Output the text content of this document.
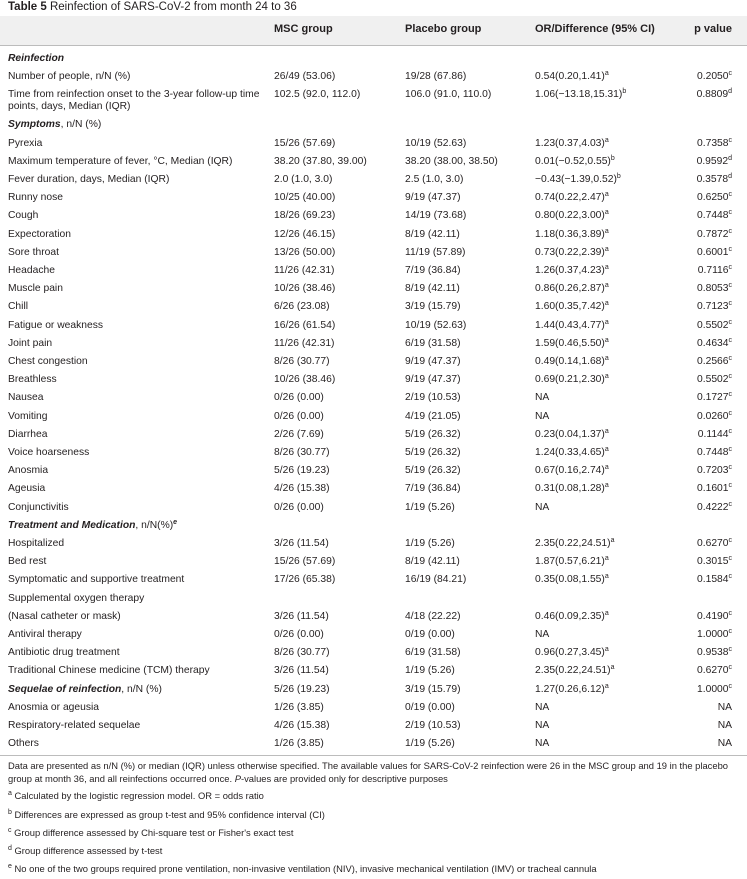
Table 5 Reinfection of SARS-CoV-2 from month 24 to 36
MSC group	Placebo group	OR/Difference (95% CI)	p value
Reinfection
Number of people, n/N (%)	26/49 (53.06)	19/28 (67.86)	$0.54(0.20,1.41)^a$	0.2050$^c$
Time from reinfection onset to the 3-year follow-up time points, days, Median (IQR)
102.5 (92.0, 112.0)	106.0 (91.0, 110.0)	$1.06(-13.18,15.31)^b$	0.8809$^d$
Symptoms, n/N (%)
Pyrexia	15/26 (57.69)	10/19 (52.63)	$1.23(0.37,4.03)^a$	0.7358$^c$
Maximum temperature of fever, °C, Median (IQR)	38.20 (37.80, 39.00)	38.20 (38.00, 38.50)	$0.01(-0.52,0.55)^b$	0.9592$^d$
Fever duration, days, Median (IQR)	2.0 (1.0, 3.0)	2.5 (1.0, 3.0)	$-0.43(-1.39,0.52)^b$	0.3578$^d$
Runny nose	10/25 (40.00)	9/19 (47.37)	$0.74(0.22,2.47)^a$	0.6250$^c$
Cough	18/26 (69.23)	14/19 (73.68)	$0.80(0.22,3.00)^a$	0.7448$^c$
Expectoration	12/26 (46.15)	8/19 (42.11)	$1.18(0.36,3.89)^a$	0.7872$^c$
Sore throat	13/26 (50.00)	11/19 (57.89)	$0.73(0.22,2.39)^a$	0.6001$^c$
Headache	11/26 (42.31)	7/19 (36.84)	$1.26(0.37,4.23)^a$	0.7116$^c$
Muscle pain	10/26 (38.46)	8/19 (42.11)	$0.86(0.26,2.87)^a$	0.8053$^c$
Chill	6/26 (23.08)	3/19 (15.79)	$1.60(0.35,7.42)^a$	0.7123$^c$
Fatigue or weakness	16/26 (61.54)	10/19 (52.63)	$1.44(0.43,4.77)^a$	0.5502$^c$
Joint pain	11/26 (42.31)	6/19 (31.58)	$1.59(0.46,5.50)^a$	0.4634$^c$
Chest congestion	8/26 (30.77)	9/19 (47.37)	$0.49(0.14,1.68)^a$	0.2566$^c$
Breathless	10/26 (38.46)	9/19 (47.37)	$0.69(0.21,2.30)^a$	0.5502$^c$
Nausea	0/26 (0.00)	2/19 (10.53)	NA	0.1727$^c$
Vomiting	0/26 (0.00)	4/19 (21.05)	NA	0.0260$^c$
Diarrhea	2/26 (7.69)	5/19 (26.32)	$0.23(0.04,1.37)^a$	0.1144$^c$
Voice hoarseness	8/26 (30.77)	5/19 (26.32)	$1.24(0.33,4.65)^a$	0.7448$^c$
Anosmia	5/26 (19.23)	5/19 (26.32)	$0.67(0.16,2.74)^a$	0.7203$^c$
Ageusia	4/26 (15.38)	7/19 (36.84)	$0.31(0.08,1.28)^a$	0.1601$^c$
Conjunctivitis	0/26 (0.00)	1/19 (5.26)	NA	0.4222$^c$
Treatment and Medication, n/N(%)$^e$
Hospitalized	3/26 (11.54)	1/19 (5.26)	$2.35(0.22,24.51)^a$	0.6270$^c$
Bed rest	15/26 (57.69)	8/19 (42.11)	$1.87(0.57,6.21)^a$	0.3015$^c$
Symptomatic and supportive treatment	17/26 (65.38)	16/19 (84.21)	$0.35(0.08,1.55)^a$	0.1584$^c$
Supplemental oxygen therapy
(Nasal catheter or mask)	3/26 (11.54)	4/18 (22.22)	$0.46(0.09,2.35)^a$	0.4190$^c$
Antiviral therapy	0/26 (0.00)	0/19 (0.00)	NA	1.0000$^c$
Antibiotic drug treatment	8/26 (30.77)	6/19 (31.58)	$0.96(0.27,3.45)^a$	0.9538$^c$
Traditional Chinese medicine (TCM) therapy	3/26 (11.54)	1/19 (5.26)	$2.35(0.22,24.51)^a$	0.6270$^c$
Sequelae of reinfection, n/N (%)	5/26 (19.23)	3/19 (15.79)	$1.27(0.26,6.12)^a$	1.0000$^c$
Anosmia or ageusia	1/26 (3.85)	0/19 (0.00)	NA	NA
Respiratory-related sequelae	4/26 (15.38)	2/19 (10.53)	NA	NA
Others	1/26 (3.85)	1/19 (5.26)	NA	NA
Data are presented as n/N (%) or median (IQR) unless otherwise specified. The available values for SARS-CoV-2 reinfection were 26 in the MSC group and 19 in the placebo group at month 36, and all reinfections occurred once. P-values are provided only for descriptive purposes
$^a$ Calculated by the logistic regression model. OR = odds ratio
$^b$ Differences are expressed as group t-test and 95% confidence interval (CI)
$^c$ Group difference assessed by Chi-square test or Fisher's exact test
$^d$ Group difference assessed by t-test
$^e$ No one of the two groups required prone ventilation, non-invasive ventilation (NIV), invasive mechanical ventilation (IMV) or tracheal cannula
